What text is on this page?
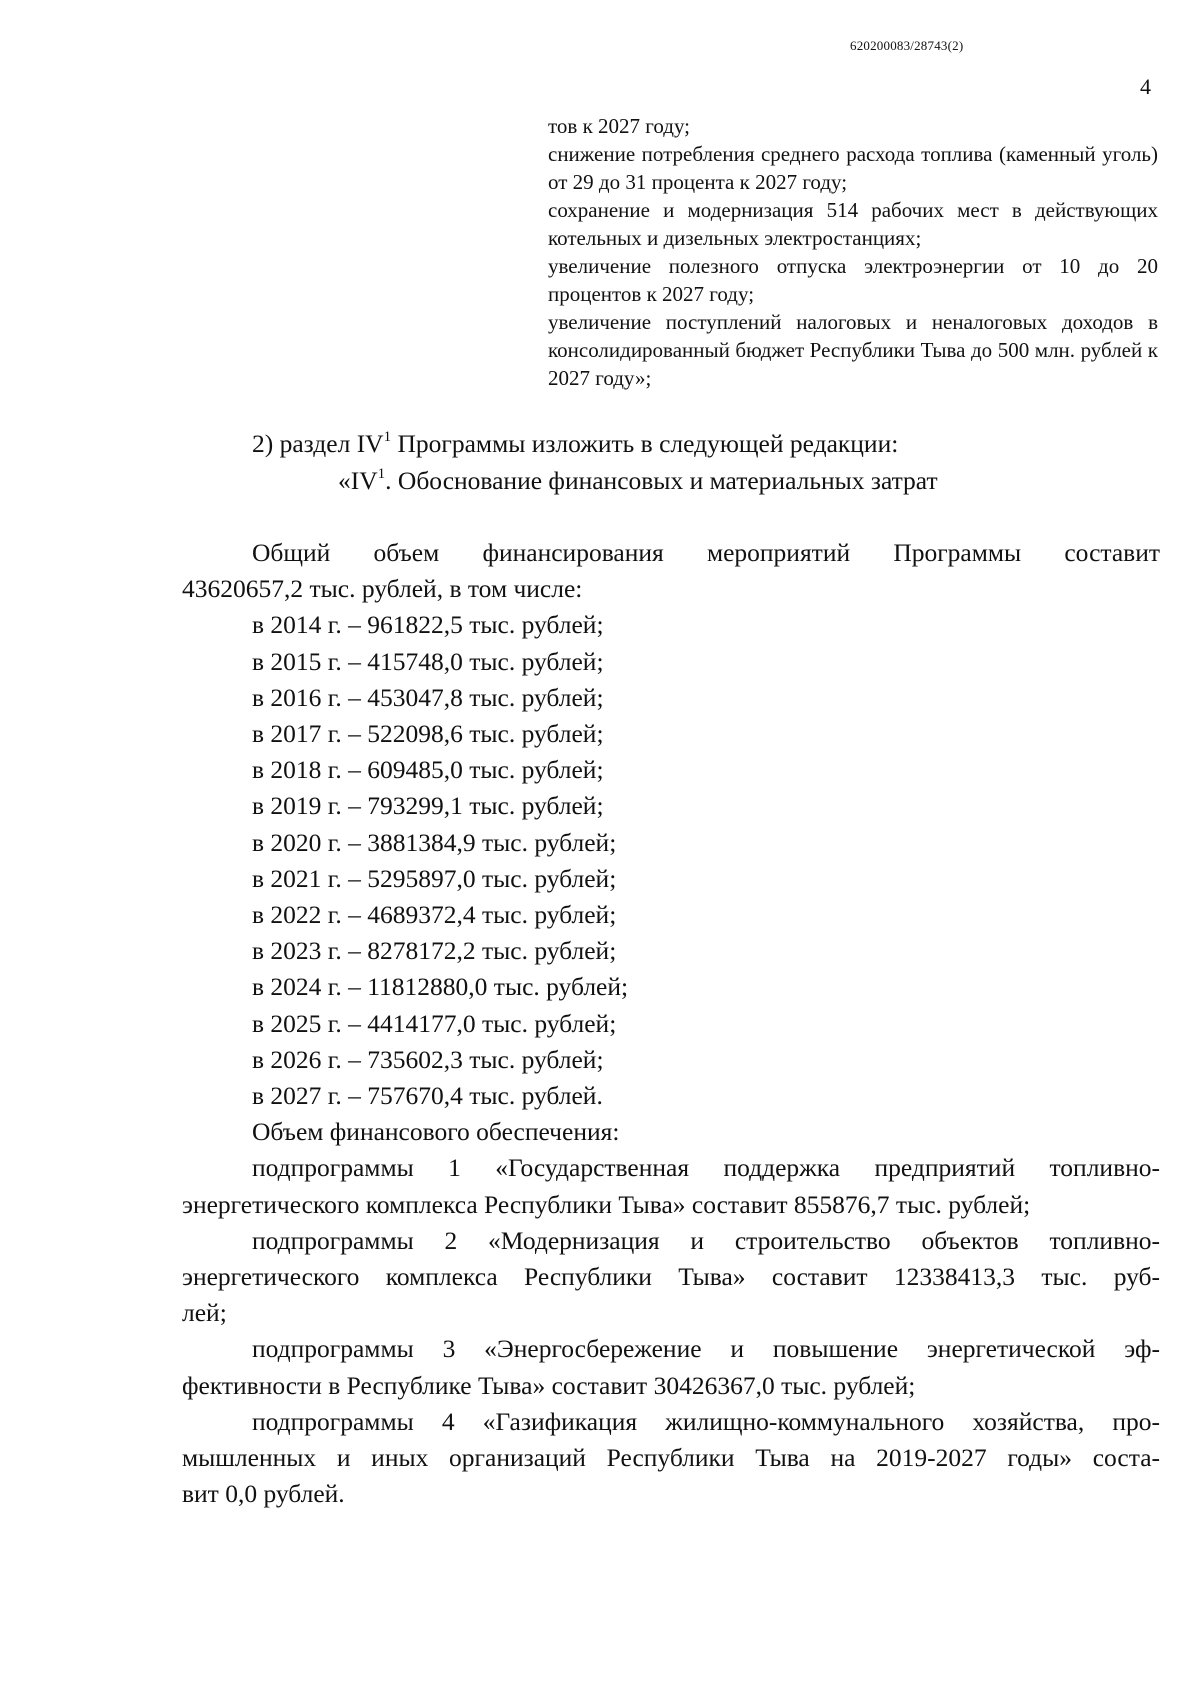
620200083/28743(2)
4

тов к 2027 году;

снижение потребления среднего расхода топлива (каменный уголь) от 29 до 31 процента к 2027 году;

сохранение и модернизация 514 рабочих мест в действующих котельных и дизельных электростанциях;

увеличение полезного отпуска электроэнергии от 10 до 20 процентов к 2027 году;

увеличение поступлений налоговых и неналоговых доходов в консолидированный бюджет Республики Тыва до 500 млн. рублей к 2027 году»;

2) раздел $IV^1$ Программы изложить в следующей редакции:
«$IV^1$. Обоснование финансовых и материальных затрат

Общий объем финансирования мероприятий Программы составит

43620657,2 тыс. рублей, в том числе:

в 2014 г. – 961822,5 тыс. рублей;
в 2015 г. – 415748,0 тыс. рублей;
в 2016 г. – 453047,8 тыс. рублей;
в 2017 г. – 522098,6 тыс. рублей;
в 2018 г. – 609485,0 тыс. рублей;
в 2019 г. – 793299,1 тыс. рублей;
в 2020 г. – 3881384,9 тыс. рублей;
в 2021 г. – 5295897,0 тыс. рублей;
в 2022 г. – 4689372,4 тыс. рублей;
в 2023 г. – 8278172,2 тыс. рублей;
в 2024 г. – 11812880,0 тыс. рублей;
в 2025 г. – 4414177,0 тыс. рублей;
в 2026 г. – 735602,3 тыс. рублей;
в 2027 г. – 757670,4 тыс. рублей.

Объем финансового обеспечения:

подпрограммы 1 «Государственная поддержка предприятий топливно-

энергетического комплекса Республики Тыва» составит 855876,7 тыс. рублей;

подпрограммы 2 «Модернизация и строительство объектов топливно-

энергетического комплекса Республики Тыва» составит 12338413,3 тыс. руб-

лей;

подпрограммы 3 «Энергосбережение и повышение энергетической эф-

фективности в Республике Тыва» составит 30426367,0 тыс. рублей;

подпрограммы 4 «Газификация жилищно-коммунального хозяйства, про-

мышленных и иных организаций Республики Тыва на 2019-2027 годы» соста-

вит 0,0 рублей.
